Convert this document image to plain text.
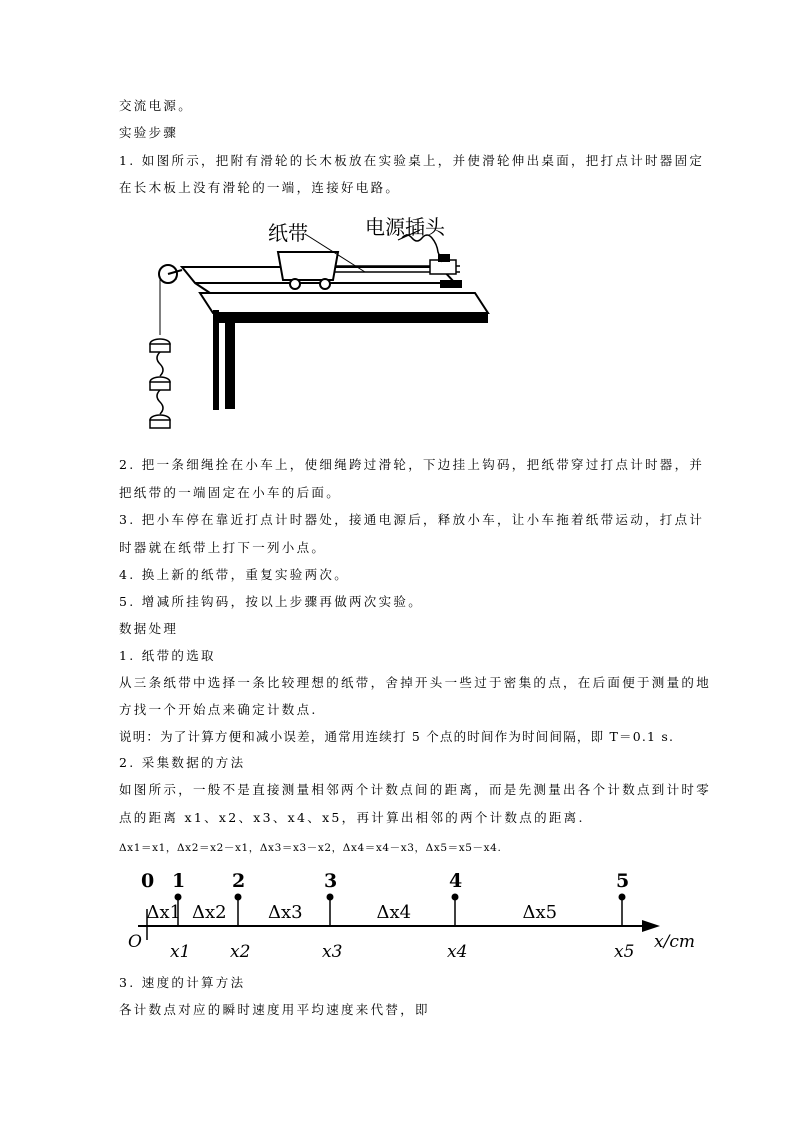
交流电源。
实验步骤
1. 如图所示，把附有滑轮的长木板放在实验桌上，并使滑轮伸出桌面，把打点计时器固定
在长木板上没有滑轮的一端，连接好电路。
纸带	电源插头
2. 把一条细绳拴在小车上，使细绳跨过滑轮，下边挂上钩码，把纸带穿过打点计时器，并
把纸带的一端固定在小车的后面。
3. 把小车停在靠近打点计时器处，接通电源后，释放小车，让小车拖着纸带运动，打点计
时器就在纸带上打下一列小点。
4. 换上新的纸带，重复实验两次。
5. 增减所挂钩码，按以上步骤再做两次实验。
数据处理
1. 纸带的选取
从三条纸带中选择一条比较理想的纸带，舍掉开头一些过于密集的点，在后面便于测量的地
方找一个开始点来确定计数点.
说明：为了计算方便和减小误差，通常用连续打 5 个点的时间作为时间间隔，即 T＝0.1 s.
2. 采集数据的方法
如图所示，一般不是直接测量相邻两个计数点间的距离，而是先测量出各个计数点到计时零
点的距离 x1、x2、x3、x4、x5，再计算出相邻的两个计数点的距离.
Δx1＝x1，Δx2＝x2－x1，Δx3＝x3－x2，Δx4＝x4－x3，Δx5＝x5－x4.
O	x/cm
0 1 2	3	4	5
Δx1 Δx2 Δx3	Δx4	Δx5
x1 x2	x3	x4	x5
3. 速度的计算方法
各计数点对应的瞬时速度用平均速度来代替，即
